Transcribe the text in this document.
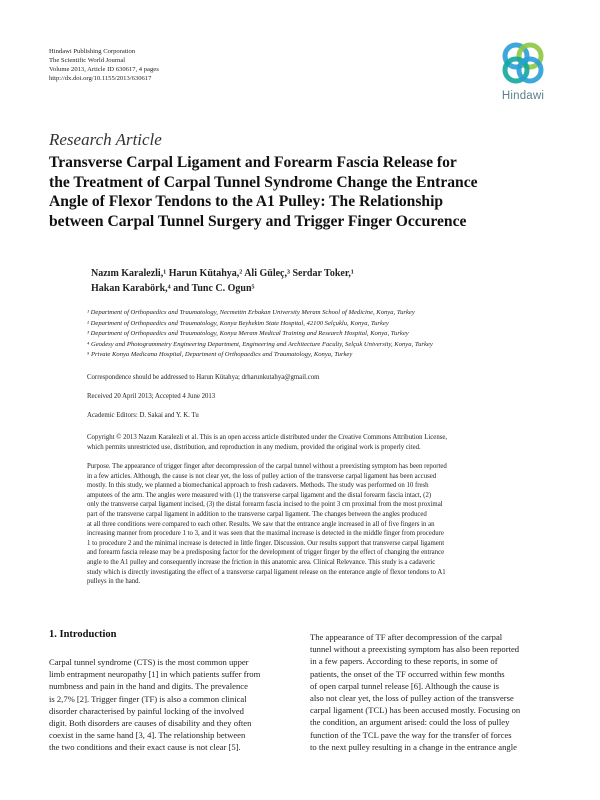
Hindawi Publishing Corporation
The Scientific World Journal
Volume 2013, Article ID 630617, 4 pages
http://dx.doi.org/10.1155/2013/630617
Hindawi
Research Article
Transverse Carpal Ligament and Forearm Fascia Release for
the Treatment of Carpal Tunnel Syndrome Change the Entrance
Angle of Flexor Tendons to the A1 Pulley: The Relationship
between Carpal Tunnel Surgery and Trigger Finger Occurence
Nazım Karalezli,¹ Harun Kütahya,² Ali Güleç,³ Serdar Toker,¹
Hakan Karabörk,⁴ and Tunc C. Ogun⁵
¹ Department of Orthopaedics and Traumatology, Necmettin Erbakan University Meram School of Medicine, Konya, Turkey
² Department of Orthopaedics and Traumatology, Konya Beyhekim State Hospital, 42100 Selçuklu, Konya, Turkey
³ Department of Orthopaedics and Traumatology, Konya Meram Medical Training and Research Hospital, Konya, Turkey
⁴ Geodesy and Photogrammetry Engineering Department, Engineering and Architecture Faculty, Selçuk University, Konya, Turkey
⁵ Private Konya Medicana Hospital, Department of Orthopaedics and Traumatology, Konya, Turkey
Correspondence should be addressed to Harun Kütahya; drharunkutahya@gmail.com
Received 20 April 2013; Accepted 4 June 2013
Academic Editors: D. Sakai and Y. K. Tu
Copyright © 2013 Nazım Karalezli et al. This is an open access article distributed under the Creative Commons Attribution License,
which permits unrestricted use, distribution, and reproduction in any medium, provided the original work is properly cited.
Purpose. The appearance of trigger finger after decompression of the carpal tunnel without a preexisting symptom has been reported
in a few articles. Although, the cause is not clear yet, the loss of pulley action of the transverse carpal ligament has been accused
mostly. In this study, we planned a biomechanical approach to fresh cadavers. Methods. The study was performed on 10 fresh
amputees of the arm. The angles were measured with (1) the transverse carpal ligament and the distal forearm fascia intact, (2)
only the transverse carpal ligament incised, (3) the distal forearm fascia incised to the point 3 cm proximal from the most proximal
part of the transverse carpal ligament in addition to the transverse carpal ligament. The changes between the angles produced
at all three conditions were compared to each other. Results. We saw that the entrance angle increased in all of five fingers in an
increasing manner from procedure 1 to 3, and it was seen that the maximal increase is detected in the middle finger from procedure
1 to procedure 2 and the minimal increase is detected in little finger. Discussion. Our results support that transverse carpal ligament
and forearm fascia release may be a predisposing factor for the development of trigger finger by the effect of changing the entrance
angle to the A1 pulley and consequently increase the friction in this anatomic area. Clinical Relevance. This study is a cadaveric
study which is directly investigating the effect of a transverse carpal ligament release on the enterance angle of flexor tendons to A1
pulleys in the hand.
1. Introduction
Carpal tunnel syndrome (CTS) is the most common upper
limb entrapment neuropathy [1] in which patients suffer from
numbness and pain in the hand and digits. The prevalence
is 2,7% [2]. Trigger finger (TF) is also a common clinical
disorder characterised by painful locking of the involved
digit. Both disorders are causes of disability and they often
coexist in the same hand [3, 4]. The relationship between
the two conditions and their exact cause is not clear [5].
The appearance of TF after decompression of the carpal
tunnel without a preexisting symptom has also been reported
in a few papers. According to these reports, in some of
patients, the onset of the TF occurred within few months
of open carpal tunnel release [6]. Although the cause is
also not clear yet, the loss of pulley action of the transverse
carpal ligament (TCL) has been accused mostly. Focusing on
the condition, an argument arised: could the loss of pulley
function of the TCL pave the way for the transfer of forces
to the next pulley resulting in a change in the entrance angle
